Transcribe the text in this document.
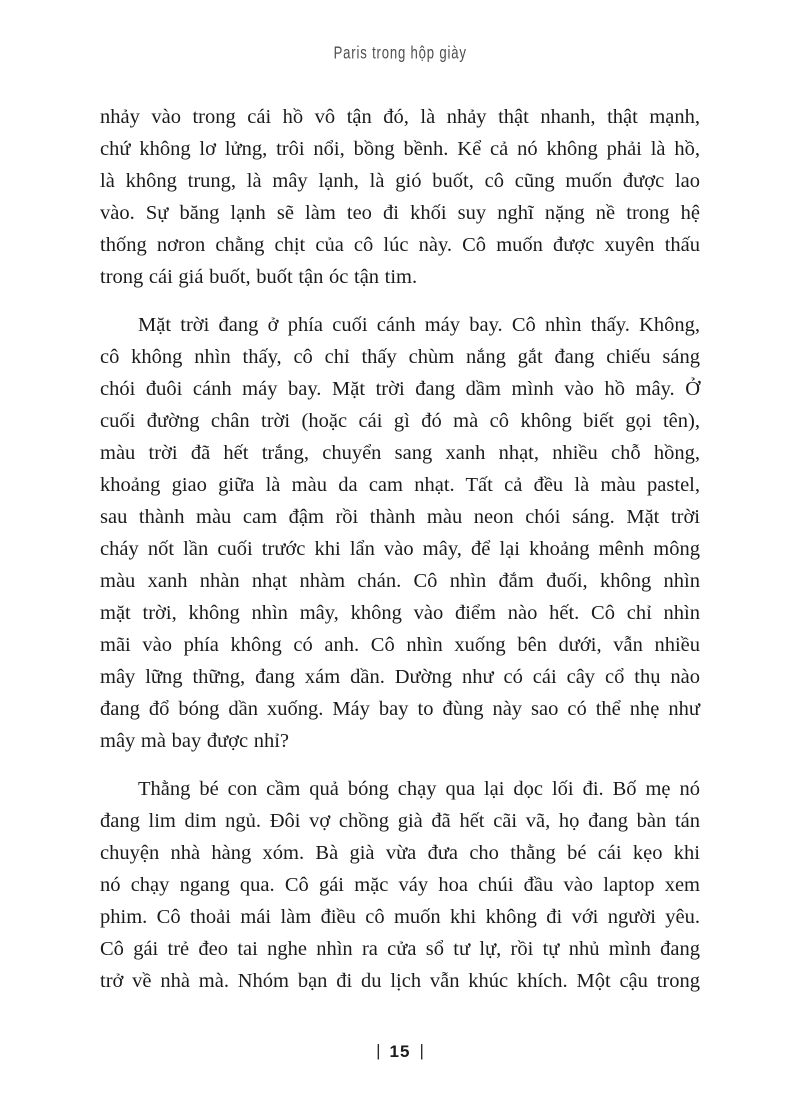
Paris trong hộp giày
nhảy vào trong cái hồ vô tận đó, là nhảy thật nhanh, thật mạnh,
chứ không lơ lửng, trôi nổi, bồng bềnh. Kể cả nó không phải là hồ,
là không trung, là mây lạnh, là gió buốt, cô cũng muốn được lao
vào. Sự băng lạnh sẽ làm teo đi khối suy nghĩ nặng nề trong hệ
thống nơron chằng chịt của cô lúc này. Cô muốn được xuyên thấu
trong cái giá buốt, buốt tận óc tận tim.
Mặt trời đang ở phía cuối cánh máy bay. Cô nhìn thấy. Không,
cô không nhìn thấy, cô chỉ thấy chùm nắng gắt đang chiếu sáng
chói đuôi cánh máy bay. Mặt trời đang dầm mình vào hồ mây. Ở
cuối đường chân trời (hoặc cái gì đó mà cô không biết gọi tên),
màu trời đã hết trắng, chuyển sang xanh nhạt, nhiều chỗ hồng,
khoảng giao giữa là màu da cam nhạt. Tất cả đều là màu pastel,
sau thành màu cam đậm rồi thành màu neon chói sáng. Mặt trời
cháy nốt lần cuối trước khi lẩn vào mây, để lại khoảng mênh mông
màu xanh nhàn nhạt nhàm chán. Cô nhìn đắm đuối, không nhìn
mặt trời, không nhìn mây, không vào điểm nào hết. Cô chỉ nhìn
mãi vào phía không có anh. Cô nhìn xuống bên dưới, vẫn nhiều
mây lững thững, đang xám dần. Dường như có cái cây cổ thụ nào
đang đổ bóng dần xuống. Máy bay to đùng này sao có thể nhẹ như
mây mà bay được nhỉ?
Thằng bé con cầm quả bóng chạy qua lại dọc lối đi. Bố mẹ nó
đang lim dim ngủ. Đôi vợ chồng già đã hết cãi vã, họ đang bàn tán
chuyện nhà hàng xóm. Bà già vừa đưa cho thằng bé cái kẹo khi
nó chạy ngang qua. Cô gái mặc váy hoa chúi đầu vào laptop xem
phim. Cô thoải mái làm điều cô muốn khi không đi với người yêu.
Cô gái trẻ đeo tai nghe nhìn ra cửa sổ tư lự, rồi tự nhủ mình đang
trở về nhà mà. Nhóm bạn đi du lịch vẫn khúc khích. Một cậu trong
| 15 |
